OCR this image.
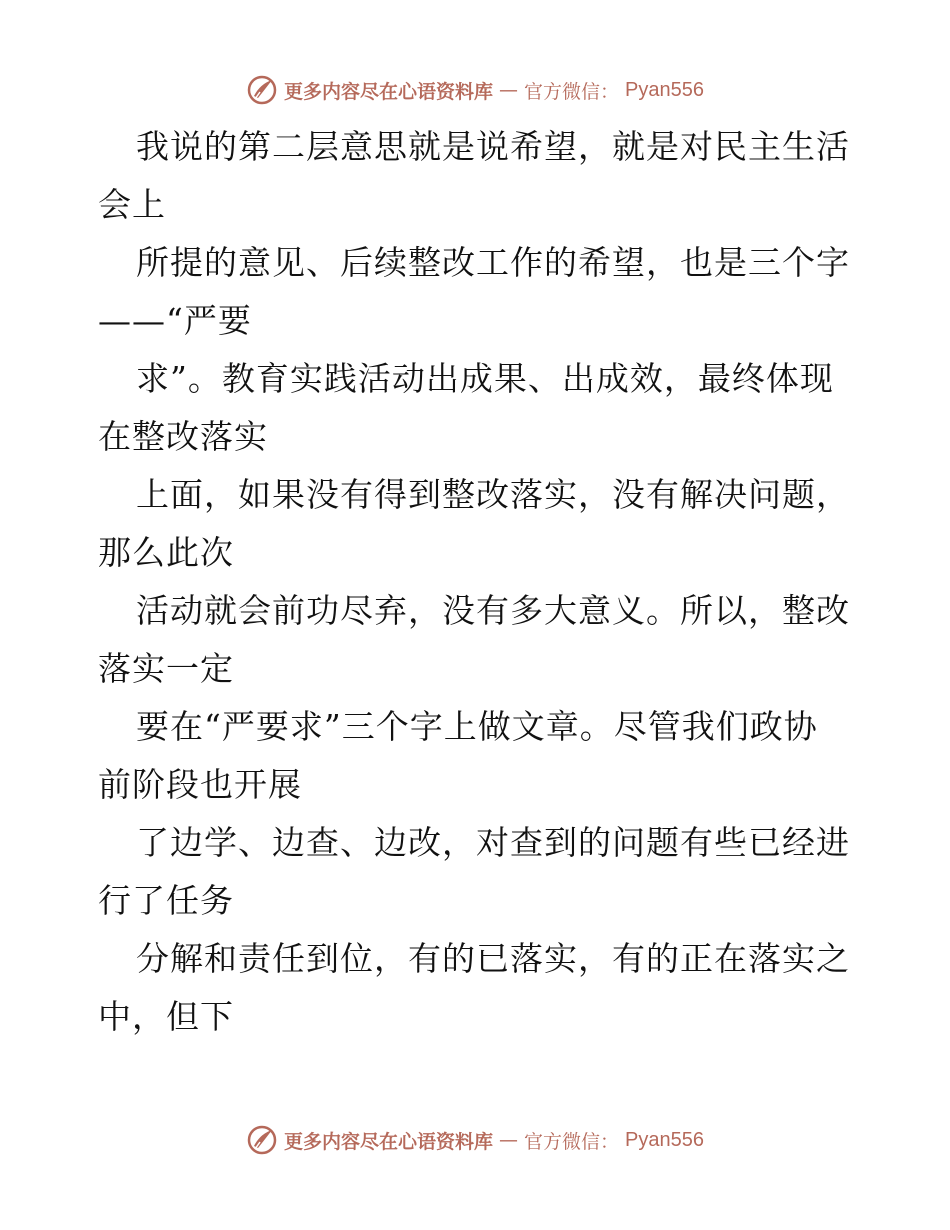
更多内容尽在心语资料库 — 官方微信： Pyan556
我说的第二层意思就是说希望，就是对民主生活
会上
所提的意见、后续整改工作的希望，也是三个字
——“严要
求”。教育实践活动出成果、出成效，最终体现
在整改落实
上面，如果没有得到整改落实，没有解决问题，
那么此次
活动就会前功尽弃，没有多大意义。所以，整改
落实一定
要在“严要求”三个字上做文章。尽管我们政协
前阶段也开展
了边学、边查、边改，对查到的问题有些已经进
行了任务
分解和责任到位，有的已落实，有的正在落实之
中，但下
更多内容尽在心语资料库 — 官方微信： Pyan556
